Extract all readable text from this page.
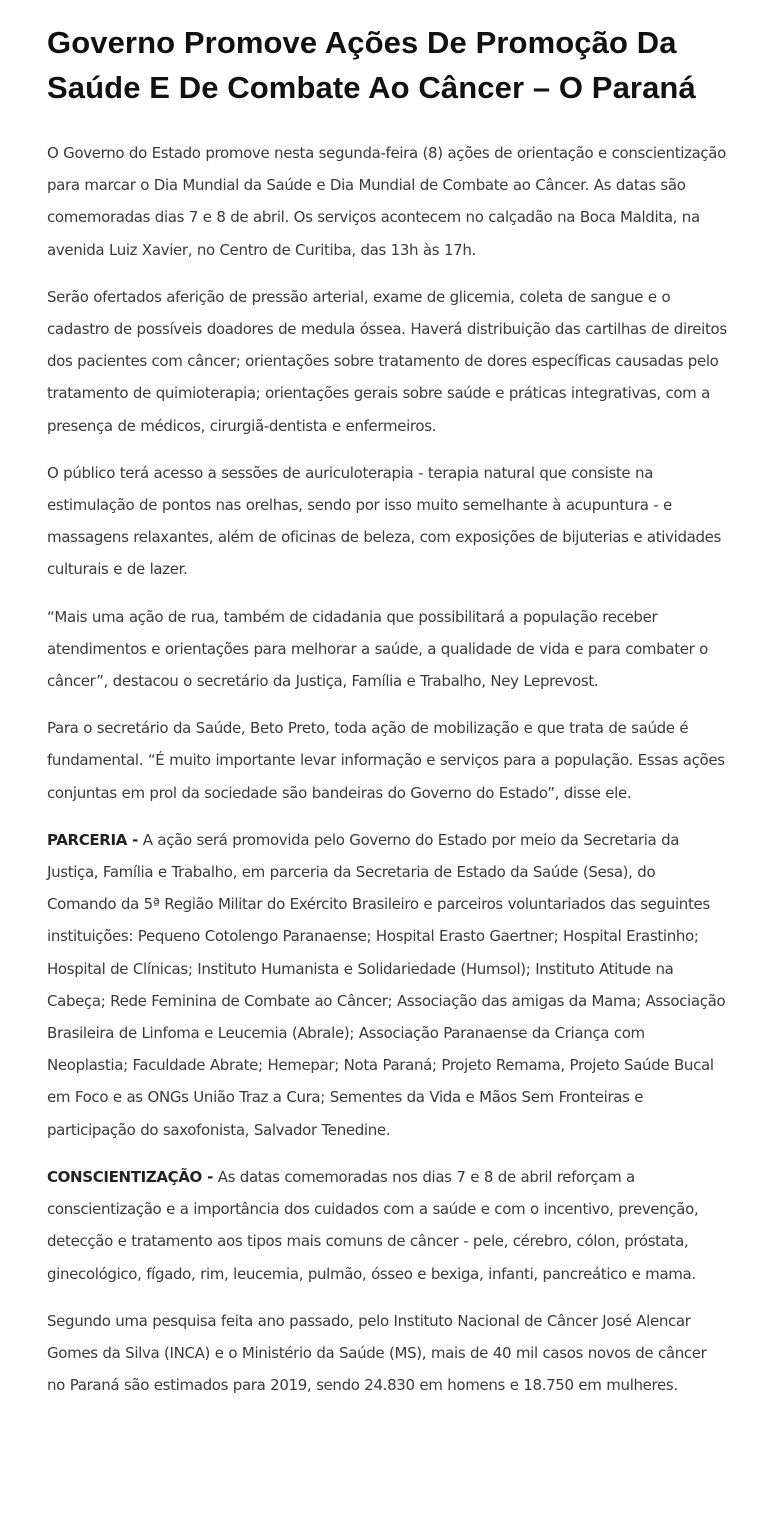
Governo Promove Ações De Promoção Da Saúde E De Combate Ao Câncer – O Paraná

O Governo do Estado promove nesta segunda-feira (8) ações de orientação e conscientização para marcar o Dia Mundial da Saúde e Dia Mundial de Combate ao Câncer. As datas são comemoradas dias 7 e 8 de abril. Os serviços acontecem no calçadão na Boca Maldita, na avenida Luiz Xavier, no Centro de Curitiba, das 13h às 17h.

Serão ofertados aferição de pressão arterial, exame de glicemia, coleta de sangue e o cadastro de possíveis doadores de medula óssea. Haverá distribuição das cartilhas de direitos dos pacientes com câncer; orientações sobre tratamento de dores específicas causadas pelo tratamento de quimioterapia; orientações gerais sobre saúde e práticas integrativas, com a presença de médicos, cirurgiã-dentista e enfermeiros.

O público terá acesso a sessões de auriculoterapia - terapia natural que consiste na estimulação de pontos nas orelhas, sendo por isso muito semelhante à acupuntura - e massagens relaxantes, além de oficinas de beleza, com exposições de bijuterias e atividades culturais e de lazer.

“Mais uma ação de rua, também de cidadania que possibilitará a população receber atendimentos e orientações para melhorar a saúde, a qualidade de vida e para combater o câncer”, destacou o secretário da Justiça, Família e Trabalho, Ney Leprevost.

Para o secretário da Saúde, Beto Preto, toda ação de mobilização e que trata de saúde é fundamental. “É muito importante levar informação e serviços para a população. Essas ações conjuntas em prol da sociedade são bandeiras do Governo do Estado”, disse ele.

PARCERIA - A ação será promovida pelo Governo do Estado por meio da Secretaria da Justiça, Família e Trabalho, em parceria da Secretaria de Estado da Saúde (Sesa), do Comando da 5ª Região Militar do Exército Brasileiro e parceiros voluntariados das seguintes instituições: Pequeno Cotolengo Paranaense; Hospital Erasto Gaertner; Hospital Erastinho; Hospital de Clínicas; Instituto Humanista e Solidariedade (Humsol); Instituto Atitude na Cabeça; Rede Feminina de Combate ao Câncer; Associação das amigas da Mama; Associação Brasileira de Linfoma e Leucemia (Abrale); Associação Paranaense da Criança com Neoplastia; Faculdade Abrate; Hemepar; Nota Paraná; Projeto Remama, Projeto Saúde Bucal em Foco e as ONGs União Traz a Cura; Sementes da Vida e Mãos Sem Fronteiras e participação do saxofonista, Salvador Tenedine.

CONSCIENTIZAÇÃO - As datas comemoradas nos dias 7 e 8 de abril reforçam a conscientização e a importância dos cuidados com a saúde e com o incentivo, prevenção, detecção e tratamento aos tipos mais comuns de câncer - pele, cérebro, cólon, próstata, ginecológico, fígado, rim, leucemia, pulmão, ósseo e bexiga, infanti, pancreático e mama.

Segundo uma pesquisa feita ano passado, pelo Instituto Nacional de Câncer José Alencar Gomes da Silva (INCA) e o Ministério da Saúde (MS), mais de 40 mil casos novos de câncer no Paraná são estimados para 2019, sendo 24.830 em homens e 18.750 em mulheres.
